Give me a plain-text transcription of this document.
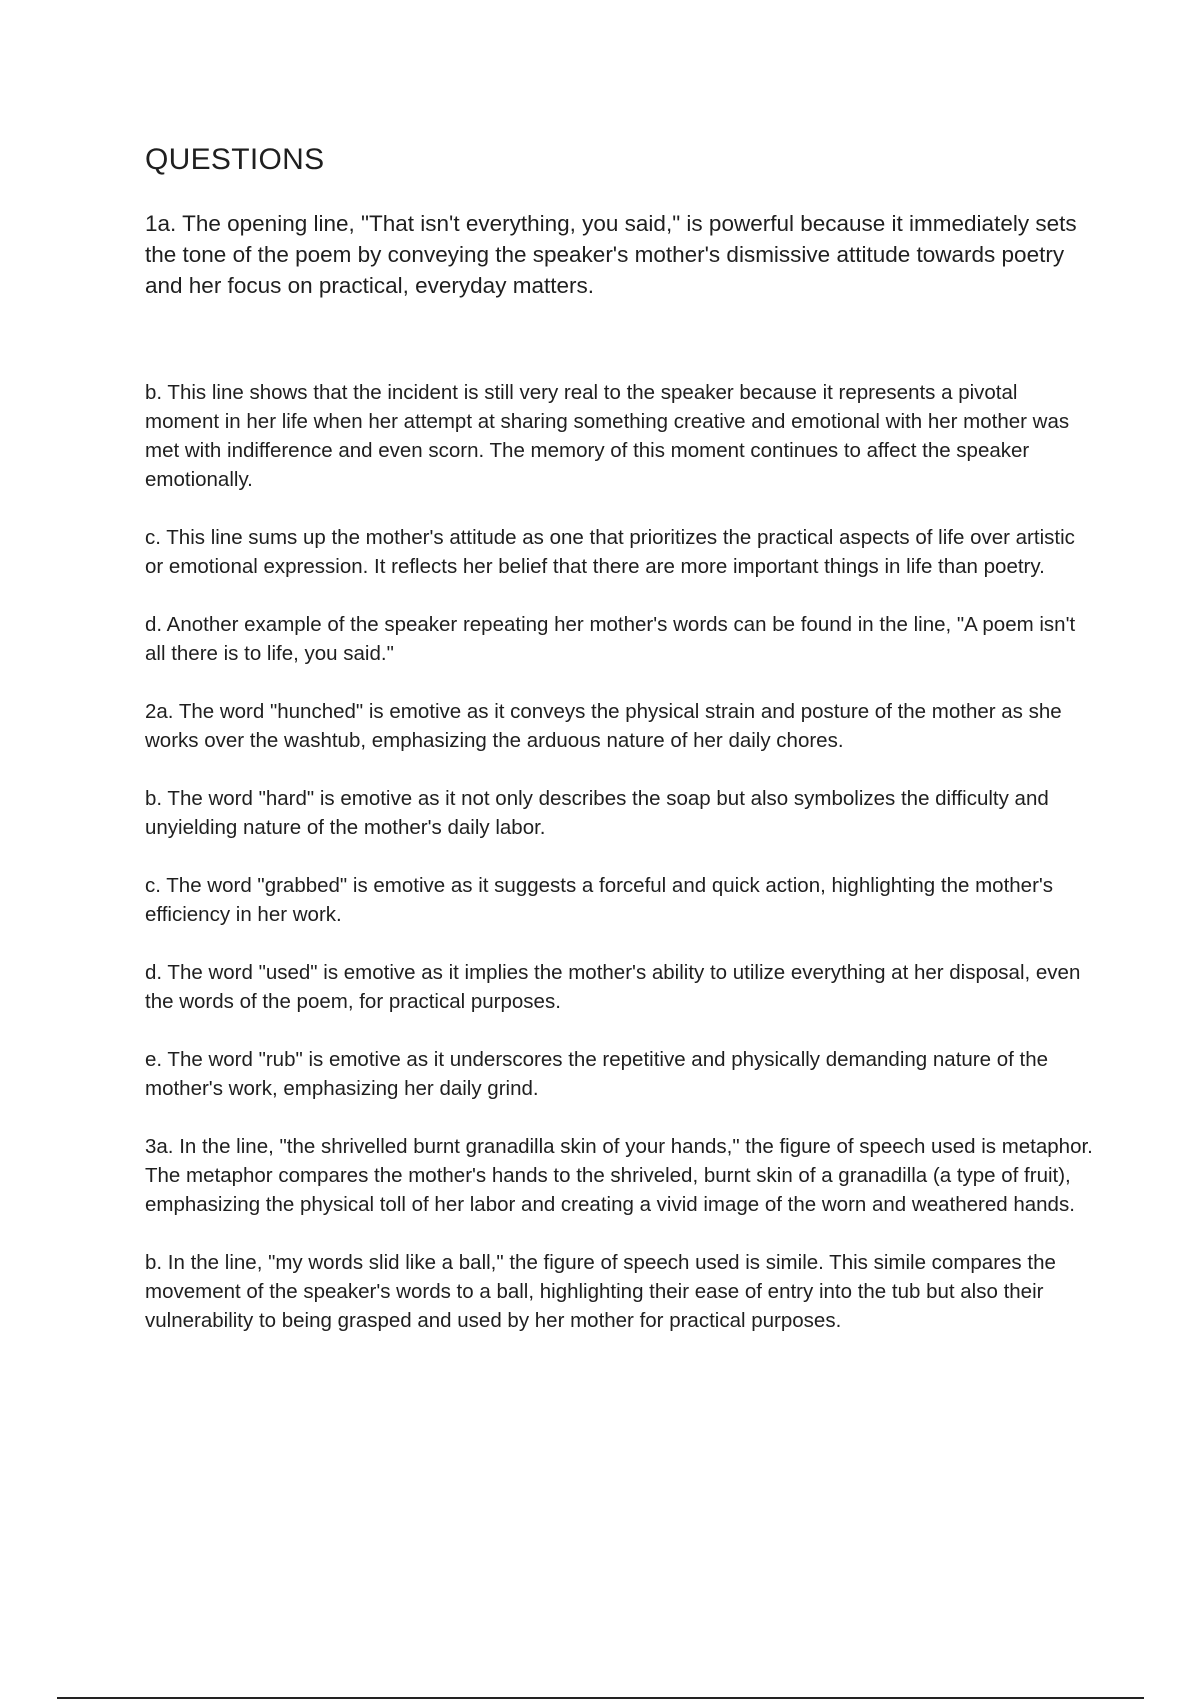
QUESTIONS

1a. The opening line, "That isn't everything, you said," is powerful because it immediately sets the tone of the poem by conveying the speaker's mother's dismissive attitude towards poetry and her focus on practical, everyday matters.

b. This line shows that the incident is still very real to the speaker because it represents a pivotal moment in her life when her attempt at sharing something creative and emotional with her mother was met with indifference and even scorn. The memory of this moment continues to affect the speaker emotionally.

c. This line sums up the mother's attitude as one that prioritizes the practical aspects of life over artistic or emotional expression. It reflects her belief that there are more important things in life than poetry.

d. Another example of the speaker repeating her mother's words can be found in the line, "A poem isn't all there is to life, you said."

2a. The word "hunched" is emotive as it conveys the physical strain and posture of the mother as she works over the washtub, emphasizing the arduous nature of her daily chores.

b. The word "hard" is emotive as it not only describes the soap but also symbolizes the difficulty and unyielding nature of the mother's daily labor.

c. The word "grabbed" is emotive as it suggests a forceful and quick action, highlighting the mother's efficiency in her work.

d. The word "used" is emotive as it implies the mother's ability to utilize everything at her disposal, even the words of the poem, for practical purposes.

e. The word "rub" is emotive as it underscores the repetitive and physically demanding nature of the mother's work, emphasizing her daily grind.

3a. In the line, "the shrivelled burnt granadilla skin of your hands," the figure of speech used is metaphor. The metaphor compares the mother's hands to the shriveled, burnt skin of a granadilla (a type of fruit), emphasizing the physical toll of her labor and creating a vivid image of the worn and weathered hands.

b. In the line, "my words slid like a ball," the figure of speech used is simile. This simile compares the movement of the speaker's words to a ball, highlighting their ease of entry into the tub but also their vulnerability to being grasped and used by her mother for practical purposes.
